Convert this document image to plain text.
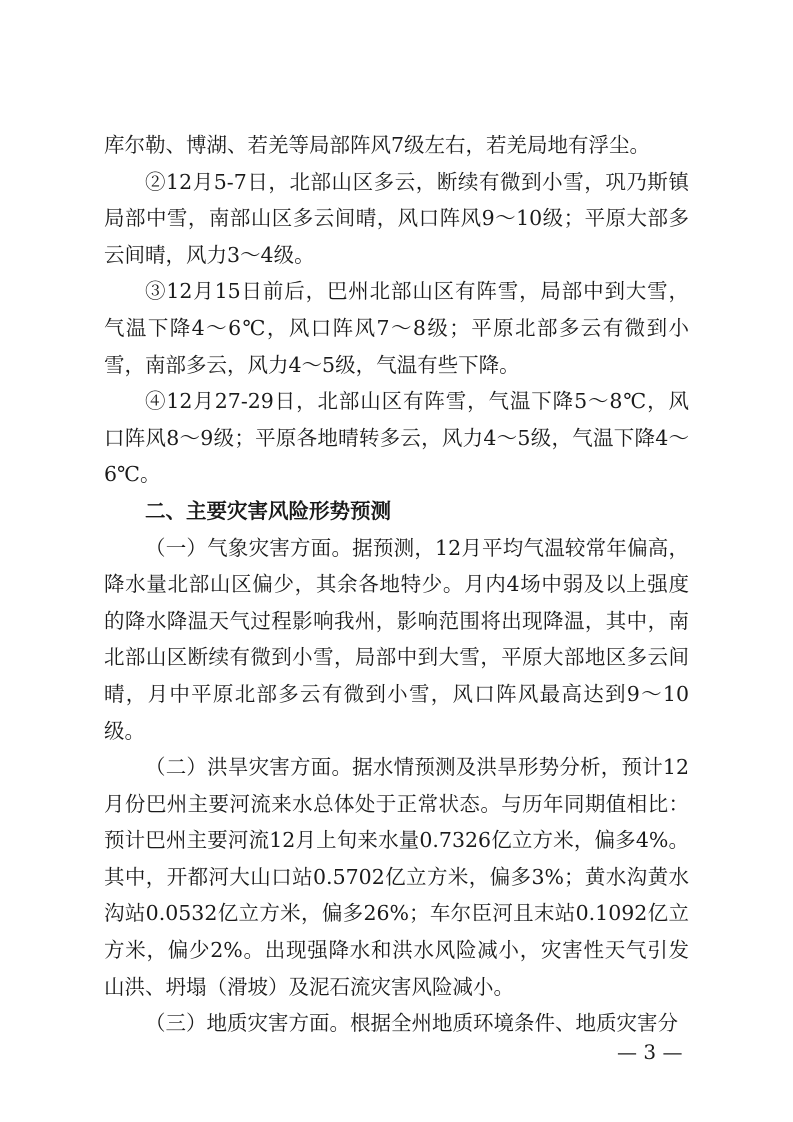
库尔勒、博湖、若羌等局部阵风7级左右，若羌局地有浮尘。

②12月5-7日，北部山区多云，断续有微到小雪，巩乃斯镇局部中雪，南部山区多云间晴，风口阵风9～10级；平原大部多云间晴，风力3～4级。

③12月15日前后，巴州北部山区有阵雪，局部中到大雪，气温下降4～6℃，风口阵风7～8级；平原北部多云有微到小雪，南部多云，风力4～5级，气温有些下降。

④12月27-29日，北部山区有阵雪，气温下降5～8℃，风口阵风8～9级；平原各地晴转多云，风力4～5级，气温下降4～6℃。

二、主要灾害风险形势预测

（一）气象灾害方面。据预测，12月平均气温较常年偏高，降水量北部山区偏少，其余各地特少。月内4场中弱及以上强度的降水降温天气过程影响我州，影响范围将出现降温，其中，南北部山区断续有微到小雪，局部中到大雪，平原大部地区多云间晴，月中平原北部多云有微到小雪，风口阵风最高达到9～10级。

（二）洪旱灾害方面。据水情预测及洪旱形势分析，预计12月份巴州主要河流来水总体处于正常状态。与历年同期值相比：预计巴州主要河流12月上旬来水量0.7326亿立方米，偏多4%。其中，开都河大山口站0.5702亿立方米，偏多3%；黄水沟黄水沟站0.0532亿立方米，偏多26%；车尔臣河且末站0.1092亿立方米，偏少2%。出现强降水和洪水风险减小，灾害性天气引发山洪、坍塌（滑坡）及泥石流灾害风险减小。

（三）地质灾害方面。根据全州地质环境条件、地质灾害分

— 3 —
